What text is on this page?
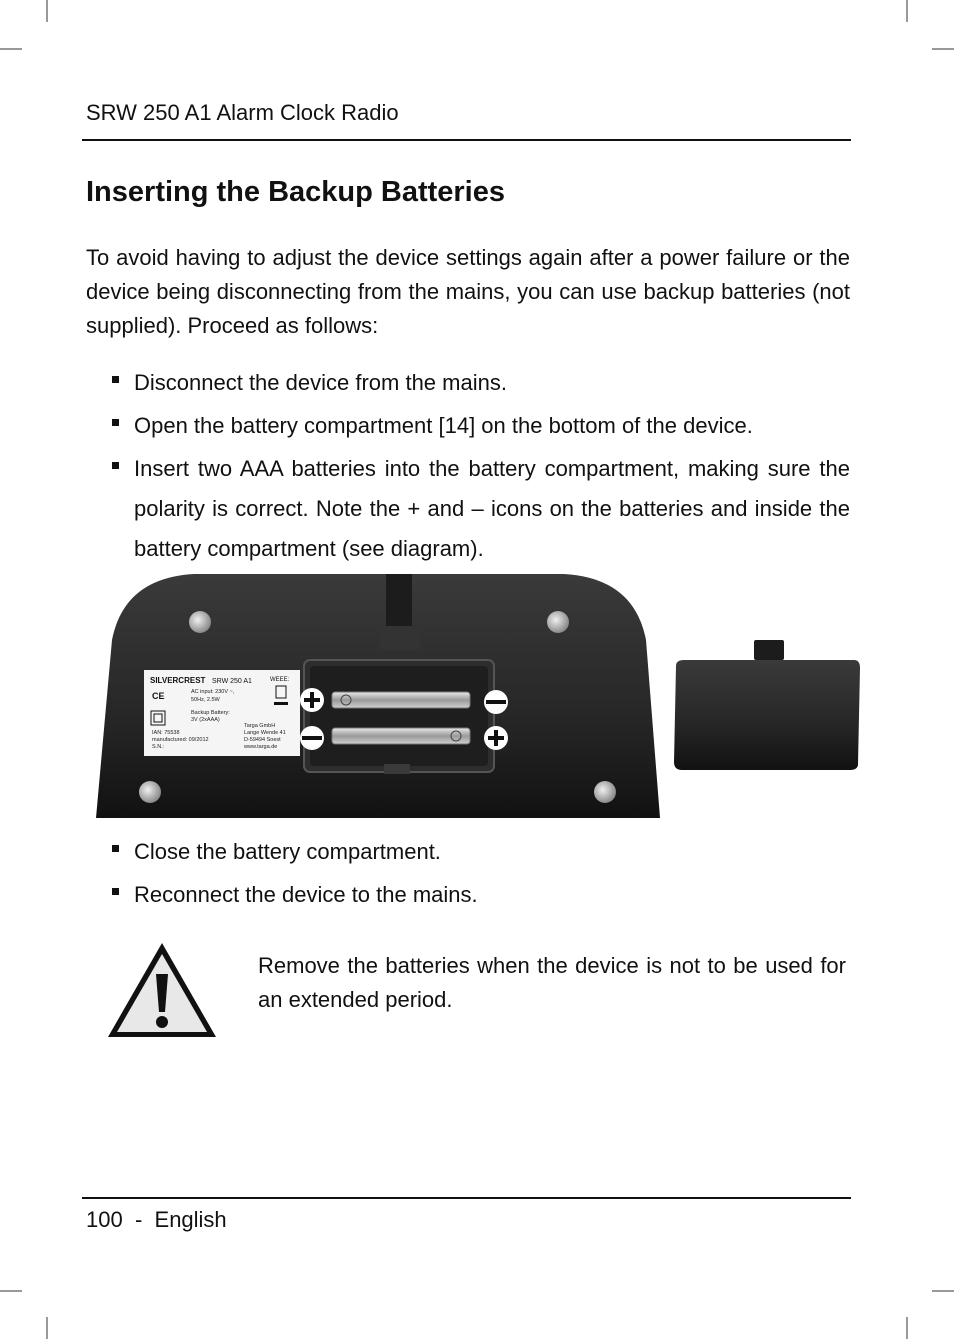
SRW 250 A1 Alarm Clock Radio
Inserting the Backup Batteries

To avoid having to adjust the device settings again after a power failure or the device being disconnecting from the mains, you can use backup batteries (not supplied). Proceed as follows:

Disconnect the device from the mains.
Open the battery compartment [14] on the bottom of the device.
Insert two AAA batteries into the battery compartment, making sure the polarity is correct. Note the + and – icons on the batteries and inside the battery compartment (see diagram).
SILVERCREST SRW 250 A1	WEEE:
CE	AC input: 230V ~,
50Hz, 2.5W
Backup Battery:
3V (2xAAA)
IAN: 75538
manufactured: 09/2012
S.N.:
Targa GmbH
Lange Wende 41
D-59494 Soest
www.targa.de
Close the battery compartment.
Reconnect the device to the mains.

Remove the batteries when the device is not to be used for an extended period.

100 - English
